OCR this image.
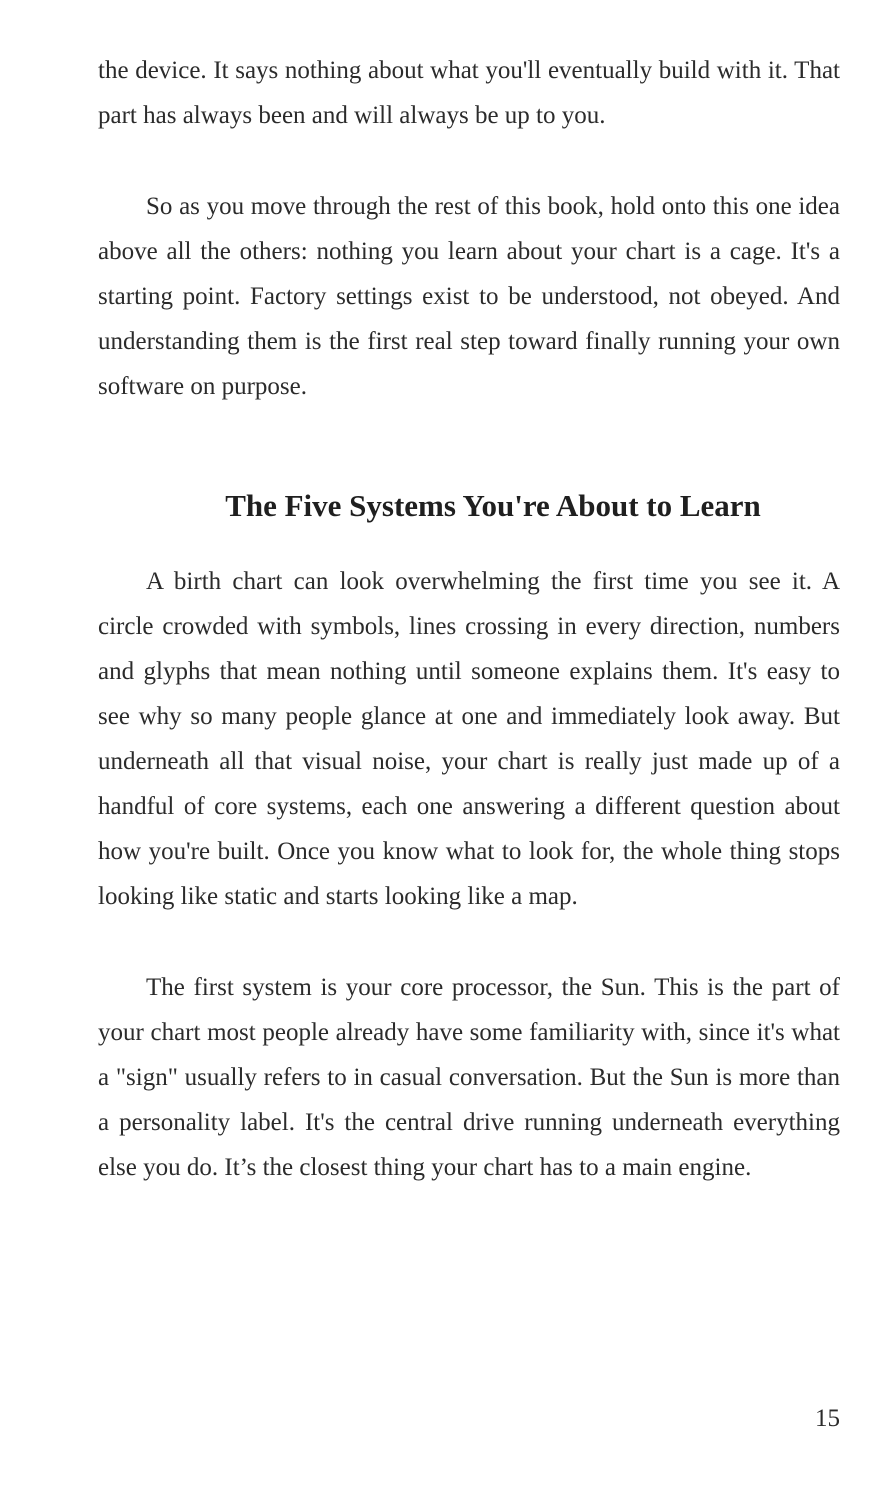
the device. It says nothing about what you'll eventually build with it. That part has always been and will always be up to you.

So as you move through the rest of this book, hold onto this one idea above all the others: nothing you learn about your chart is a cage. It's a starting point. Factory settings exist to be understood, not obeyed. And understanding them is the first real step toward finally running your own software on purpose.

The Five Systems You're About to Learn

A birth chart can look overwhelming the first time you see it. A circle crowded with symbols, lines crossing in every direction, numbers and glyphs that mean nothing until someone explains them. It's easy to see why so many people glance at one and immediately look away. But underneath all that visual noise, your chart is really just made up of a handful of core systems, each one answering a different question about how you're built. Once you know what to look for, the whole thing stops looking like static and starts looking like a map.

The first system is your core processor, the Sun. This is the part of your chart most people already have some familiarity with, since it's what a "sign" usually refers to in casual conversation. But the Sun is more than a personality label. It's the central drive running underneath everything else you do. It’s the closest thing your chart has to a main engine.

15
